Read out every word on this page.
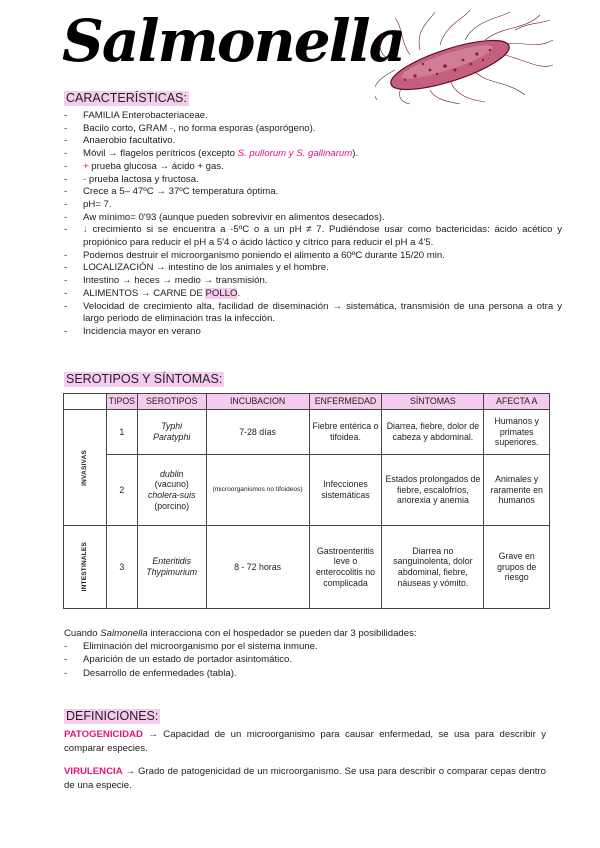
Salmonella
CARACTERÍSTICAS:
- FAMILIA Enterobacteriaceae.
- Bacilo corto, GRAM -, no forma esporas (asporógeno).
- Anaerobio facultativo.
- Móvil → flagelos perítricos (excepto S. pullorum y S. gallinarum).
- + prueba glucosa → ácido + gas.
- - prueba lactosa y fructosa.
- Crece a 5– 47ºC → 37ºC temperatura óptima.
- pH= 7.
- Aw mínimo= 0'93 (aunque pueden sobrevivir en alimentos desecados).
- ↓ crecimiento si se encuentra a -5ºC o a un pH ≠ 7. Pudiéndose usar como bactericidas: ácido acético y propiónico para reducir el pH a 5'4 o ácido láctico y cítrico para reducir el pH a 4'5.
- Podemos destruir el microorganismo poniendo el alimento a 60ºC durante 15/20 min.
- LOCALIZACIÓN → intestino de los animales y el hombre.
- Intestino → heces → medio → transmisión.
- ALIMENTOS → CARNE DE POLLO.
- Velocidad de crecimiento alta, facilidad de diseminación → sistemática, transmisión de una persona a otra y largo periodo de eliminación tras la infección.
- Incidencia mayor en verano
SEROTIPOS Y SÍNTOMAS:
	TIPOS	SEROTIPOS	INCUBACION	ENFERMEDAD	SÍNTOMAS	AFECTA A

INVASIVAS	1	Typhi
Paratyphi	7-28 días	Fiebre entérica o tifoidea.	Diarrea, fiebre, dolor de cabeza y abdominal.	Humanos y primates superiores.
	2	dublin
(vacuno)
cholera-suis
(porcino)	(microorganismos no tifoideos)	Infecciones sistemáticas	Estados prolongados de fiebre, escalofríos, anorexia y anemia	Animales y raramente en humanos

INTESTINALES	3	Enteritidis
Thypimurium	8 - 72 horas	Gastroenteritis leve o enterocolitis no complicada	Diarrea no sanguinolenta, dolor abdominal, fiebre, náuseas y vómito.	Grave en grupos de riesgo
Cuando Salmonella interacciona con el hospedador se pueden dar 3 posibilidades:
- Eliminación del microorganismo por el sistema inmune.
- Aparición de un estado de portador asintomático.
- Desarrollo de enfermedades (tabla).
DEFINICIONES:
PATOGENICIDAD → Capacidad de un microorganismo para causar enfermedad, se usa para describir y comparar especies.
VIRULENCIA → Grado de patogenicidad de un microorganismo. Se usa para describir o comparar cepas dentro de una especie.
